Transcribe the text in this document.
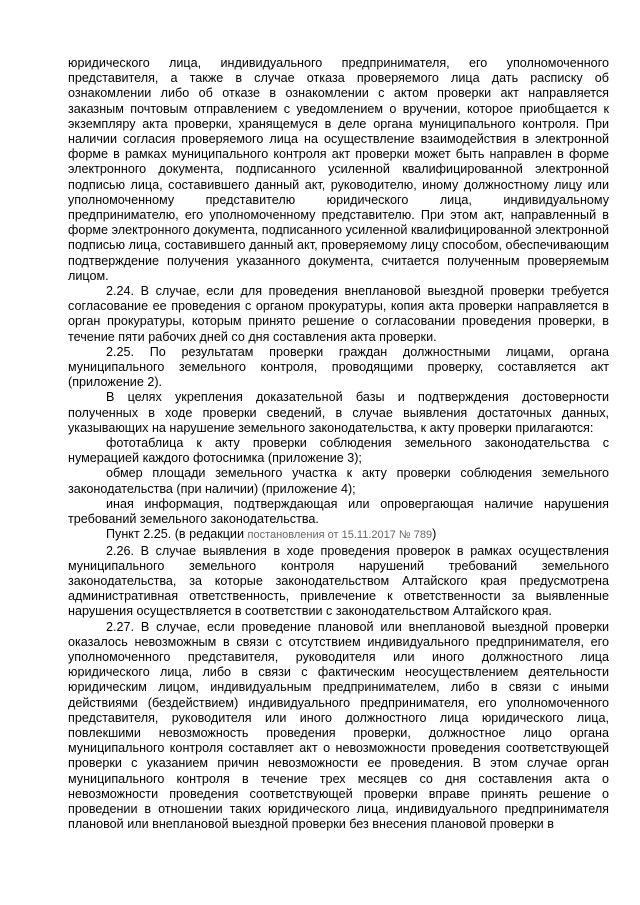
юридического лица, индивидуального предпринимателя, его уполномоченного представителя, а также в случае отказа проверяемого лица дать расписку об ознакомлении либо об отказе в ознакомлении с актом проверки акт направляется заказным почтовым отправлением с уведомлением о вручении, которое приобщается к экземпляру акта проверки, хранящемуся в деле органа муниципального контроля. При наличии согласия проверяемого лица на осуществление взаимодействия в электронной форме в рамках муниципального контроля акт проверки может быть направлен в форме электронного документа, подписанного усиленной квалифицированной электронной подписью лица, составившего данный акт, руководителю, иному должностному лицу или уполномоченному представителю юридического лица, индивидуальному предпринимателю, его уполномоченному представителю. При этом акт, направленный в форме электронного документа, подписанного усиленной квалифицированной электронной подписью лица, составившего данный акт, проверяемому лицу способом, обеспечивающим подтверждение получения указанного документа, считается полученным проверяемым лицом.

2.24. В случае, если для проведения внеплановой выездной проверки требуется согласование ее проведения с органом прокуратуры, копия акта проверки направляется в орган прокуратуры, которым принято решение о согласовании проведения проверки, в течение пяти рабочих дней со дня составления акта проверки.

2.25. По результатам проверки граждан должностными лицами, органа муниципального земельного контроля, проводящими проверку, составляется акт (приложение 2).

В целях укрепления доказательной базы и подтверждения достоверности полученных в ходе проверки сведений, в случае выявления достаточных данных, указывающих на нарушение земельного законодательства, к акту проверки прилагаются:

фототаблица к акту проверки соблюдения земельного законодательства с нумерацией каждого фотоснимка (приложение 3);

обмер площади земельного участка к акту проверки соблюдения земельного законодательства (при наличии) (приложение 4);

иная информация, подтверждающая или опровергающая наличие нарушения требований земельного законодательства.

Пункт 2.25. (в редакции постановления от 15.11.2017 № 789)

2.26. В случае выявления в ходе проведения проверок в рамках осуществления муниципального земельного контроля нарушений требований земельного законодательства, за которые законодательством Алтайского края предусмотрена административная ответственность, привлечение к ответственности за выявленные нарушения осуществляется в соответствии с законодательством Алтайского края.

2.27. В случае, если проведение плановой или внеплановой выездной проверки оказалось невозможным в связи с отсутствием индивидуального предпринимателя, его уполномоченного представителя, руководителя или иного должностного лица юридического лица, либо в связи с фактическим неосуществлением деятельности юридическим лицом, индивидуальным предпринимателем, либо в связи с иными действиями (бездействием) индивидуального предпринимателя, его уполномоченного представителя, руководителя или иного должностного лица юридического лица, повлекшими невозможность проведения проверки, должностное лицо органа муниципального контроля составляет акт о невозможности проведения соответствующей проверки с указанием причин невозможности ее проведения. В этом случае орган муниципального контроля в течение трех месяцев со дня составления акта о невозможности проведения соответствующей проверки вправе принять решение о проведении в отношении таких юридического лица, индивидуального предпринимателя плановой или внеплановой выездной проверки без внесения плановой проверки в
